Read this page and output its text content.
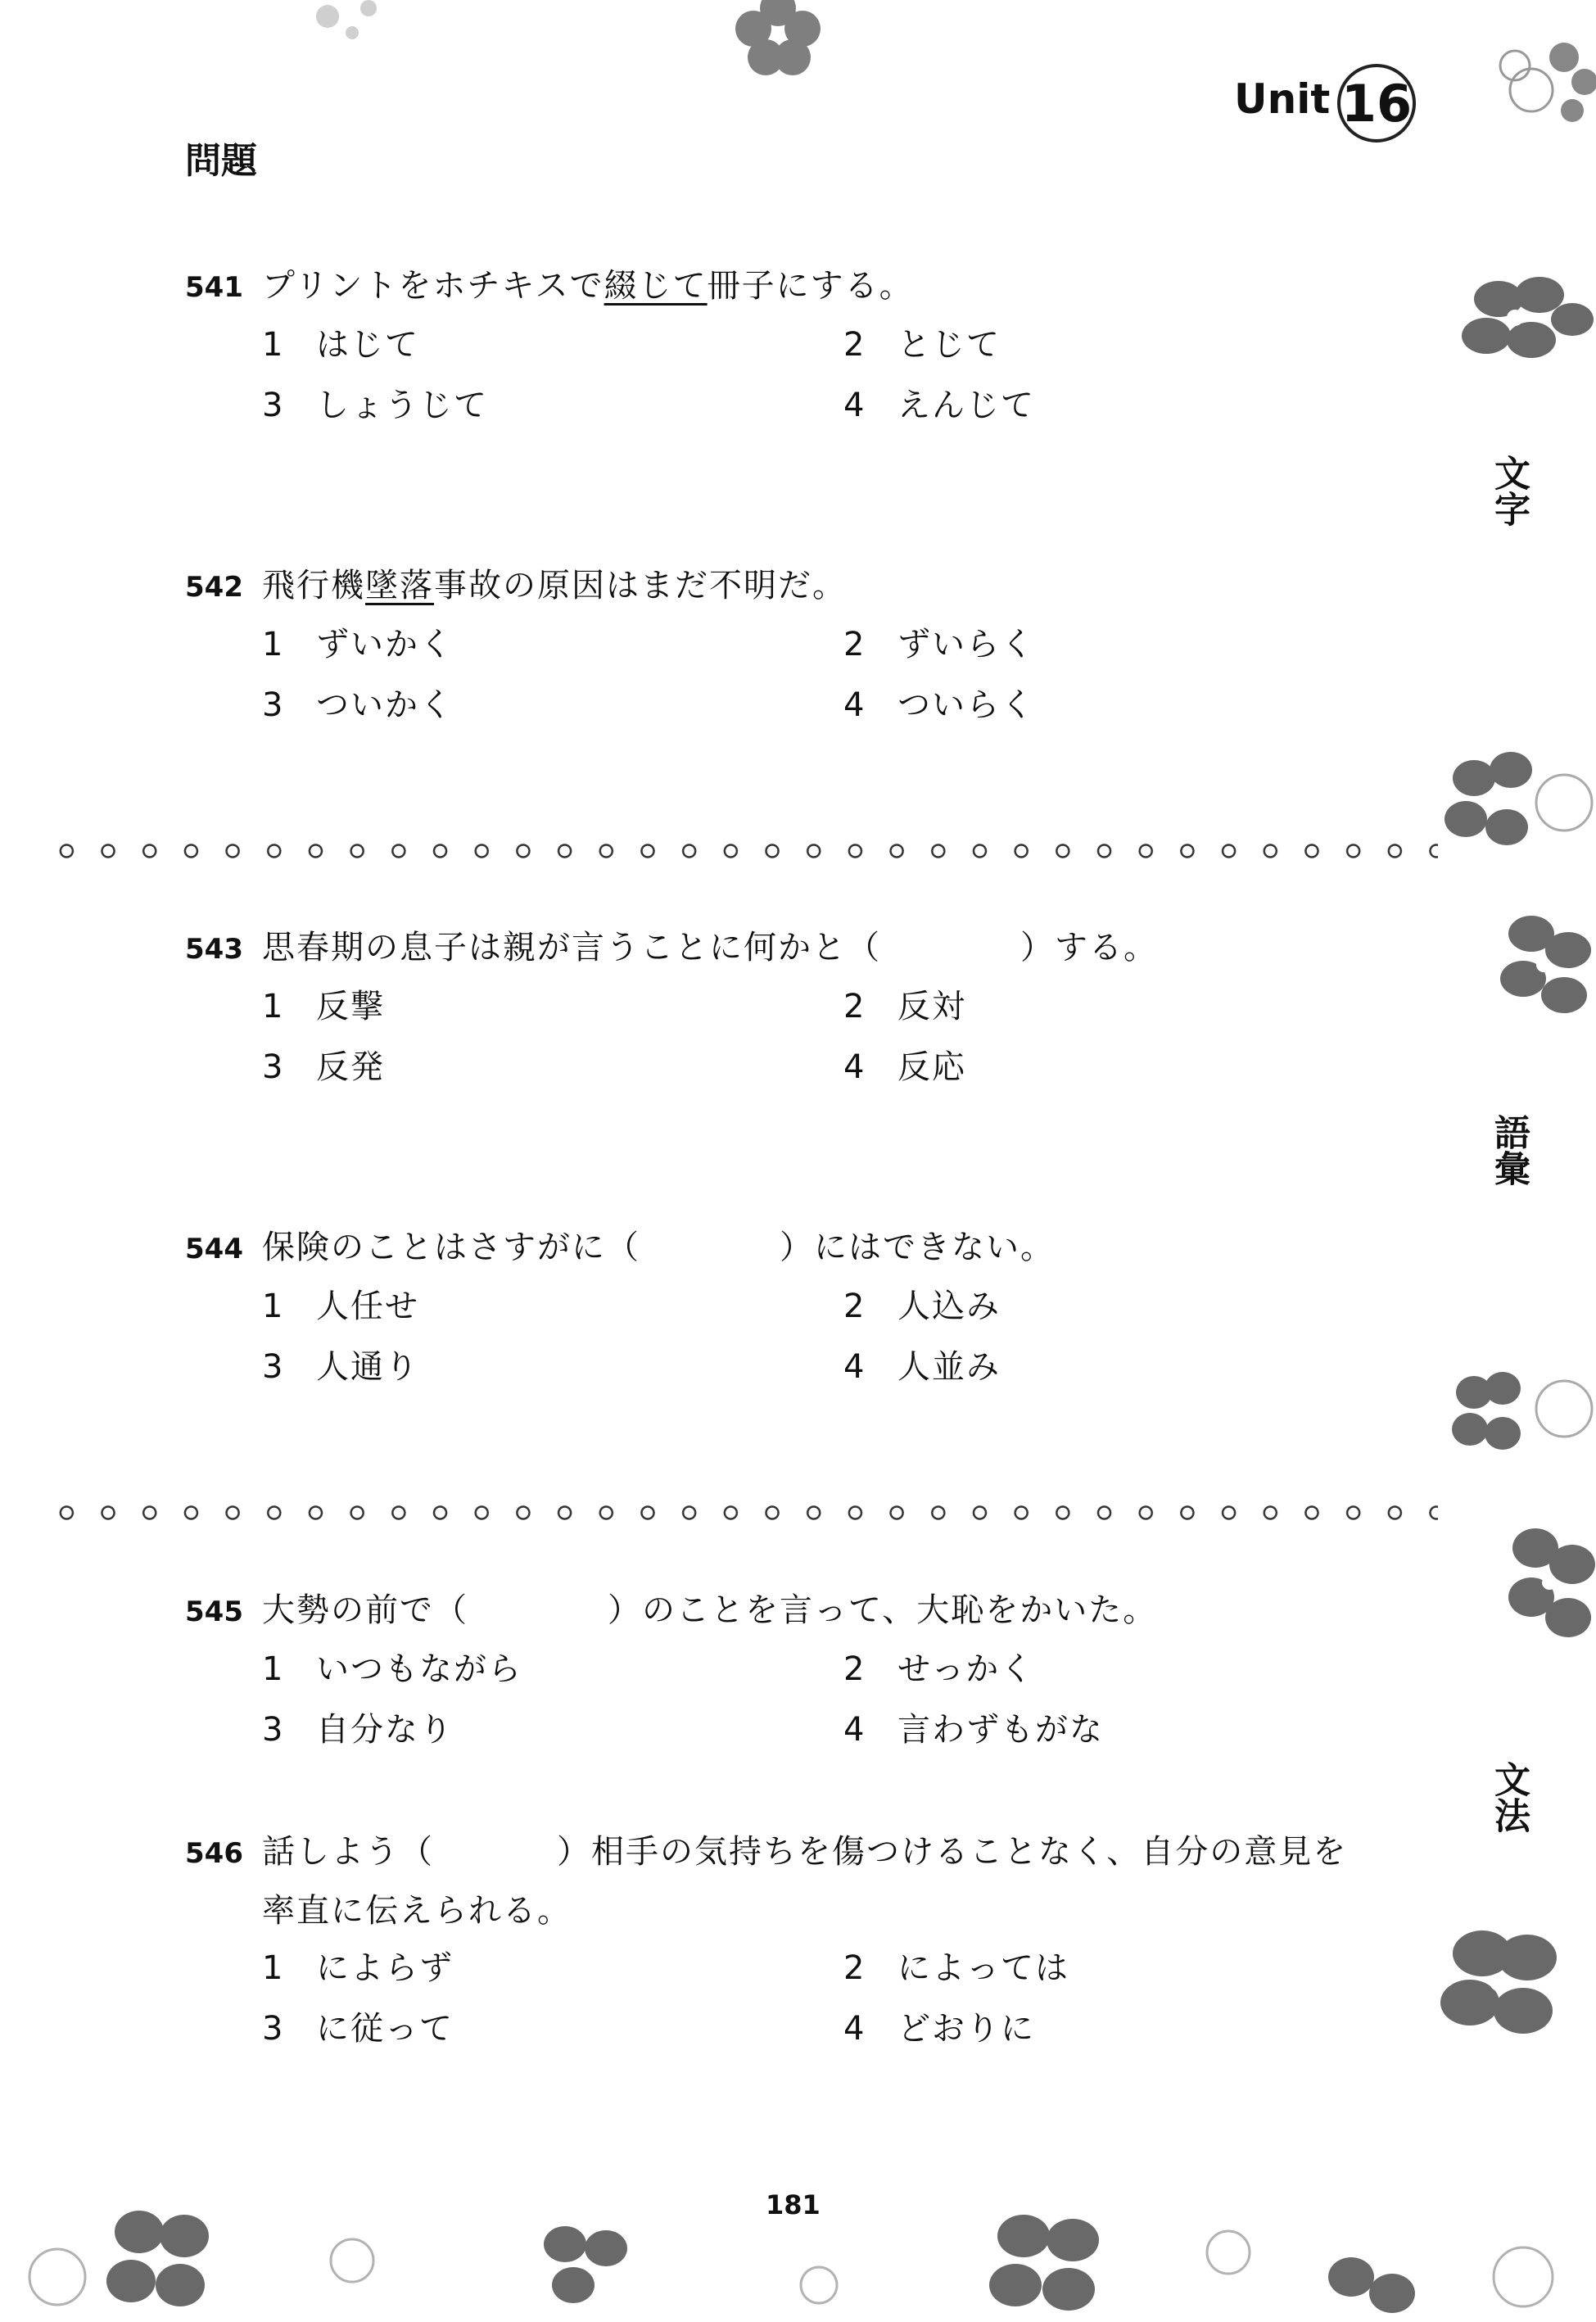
Unit 16
問題
文字
語彙
文法
541 プリントをホチキスで綴じて冊子にする。
1 はじて	2 とじて
3 しょうじて	4 えんじて
542 飛行機墜落事故の原因はまだ不明だ。
1 ずいかく	2 ずいらく
3 ついかく	4 ついらく
543 思春期の息子は親が言うことに何かと（	）する。
1 反撃	2 反対
3 反発	4 反応
544 保険のことはさすがに（	）にはできない。
1 人任せ	2 人込み
3 人通り	4 人並み
545 大勢の前で（	）のことを言って、大恥をかいた。
1 いつもながら	2 せっかく
3 自分なり	4 言わずもがな
546 話しよう（	）相手の気持ちを傷つけることなく、自分の意見を
率直に伝えられる。
1 によらず	2 によっては
3 に従って	4 どおりに
181
